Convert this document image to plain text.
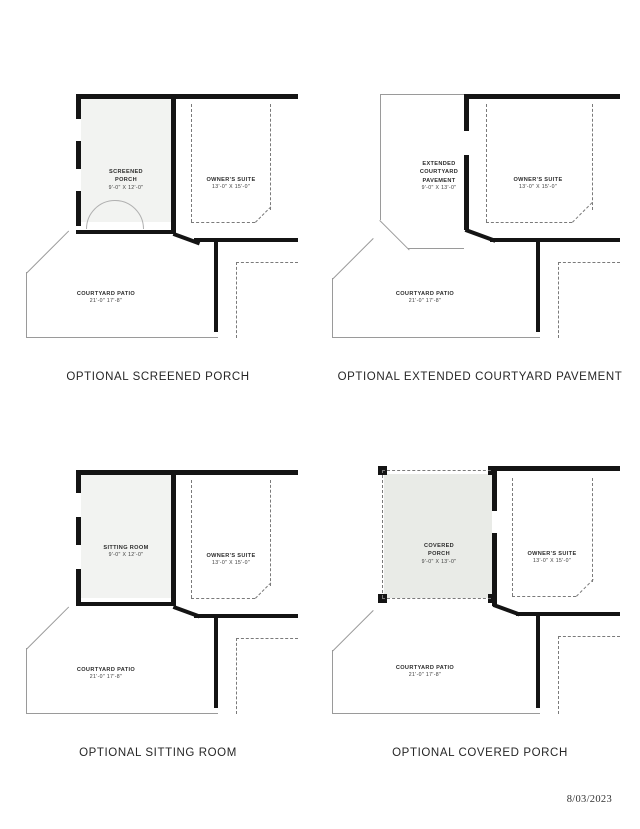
SCREENED
PORCH
9'-0" X 12'-0"
OWNER'S SUITE
13'-0" X 15'-0"
COURTYARD PATIO
21'-0" 17'-8"
OPTIONAL SCREENED PORCH
EXTENDED
COURTYARD
PAVEMENT
9'-0" X 13'-0"
OWNER'S SUITE
13'-0" X 15'-0"
COURTYARD PATIO
21'-0" 17'-8"
OPTIONAL EXTENDED COURTYARD PAVEMENT
SITTING ROOM
9'-0" X 12'-0"	OWNER'S SUITE
13'-0" X 15'-0"
COURTYARD PATIO
21'-0" 17'-8"
OPTIONAL SITTING ROOM
COVERED
PORCH
9'-0" X 13'-0"
OWNER'S SUITE
13'-0" X 15'-0"
COURTYARD PATIO
21'-0" 17'-8"
OPTIONAL COVERED PORCH
8/03/2023
